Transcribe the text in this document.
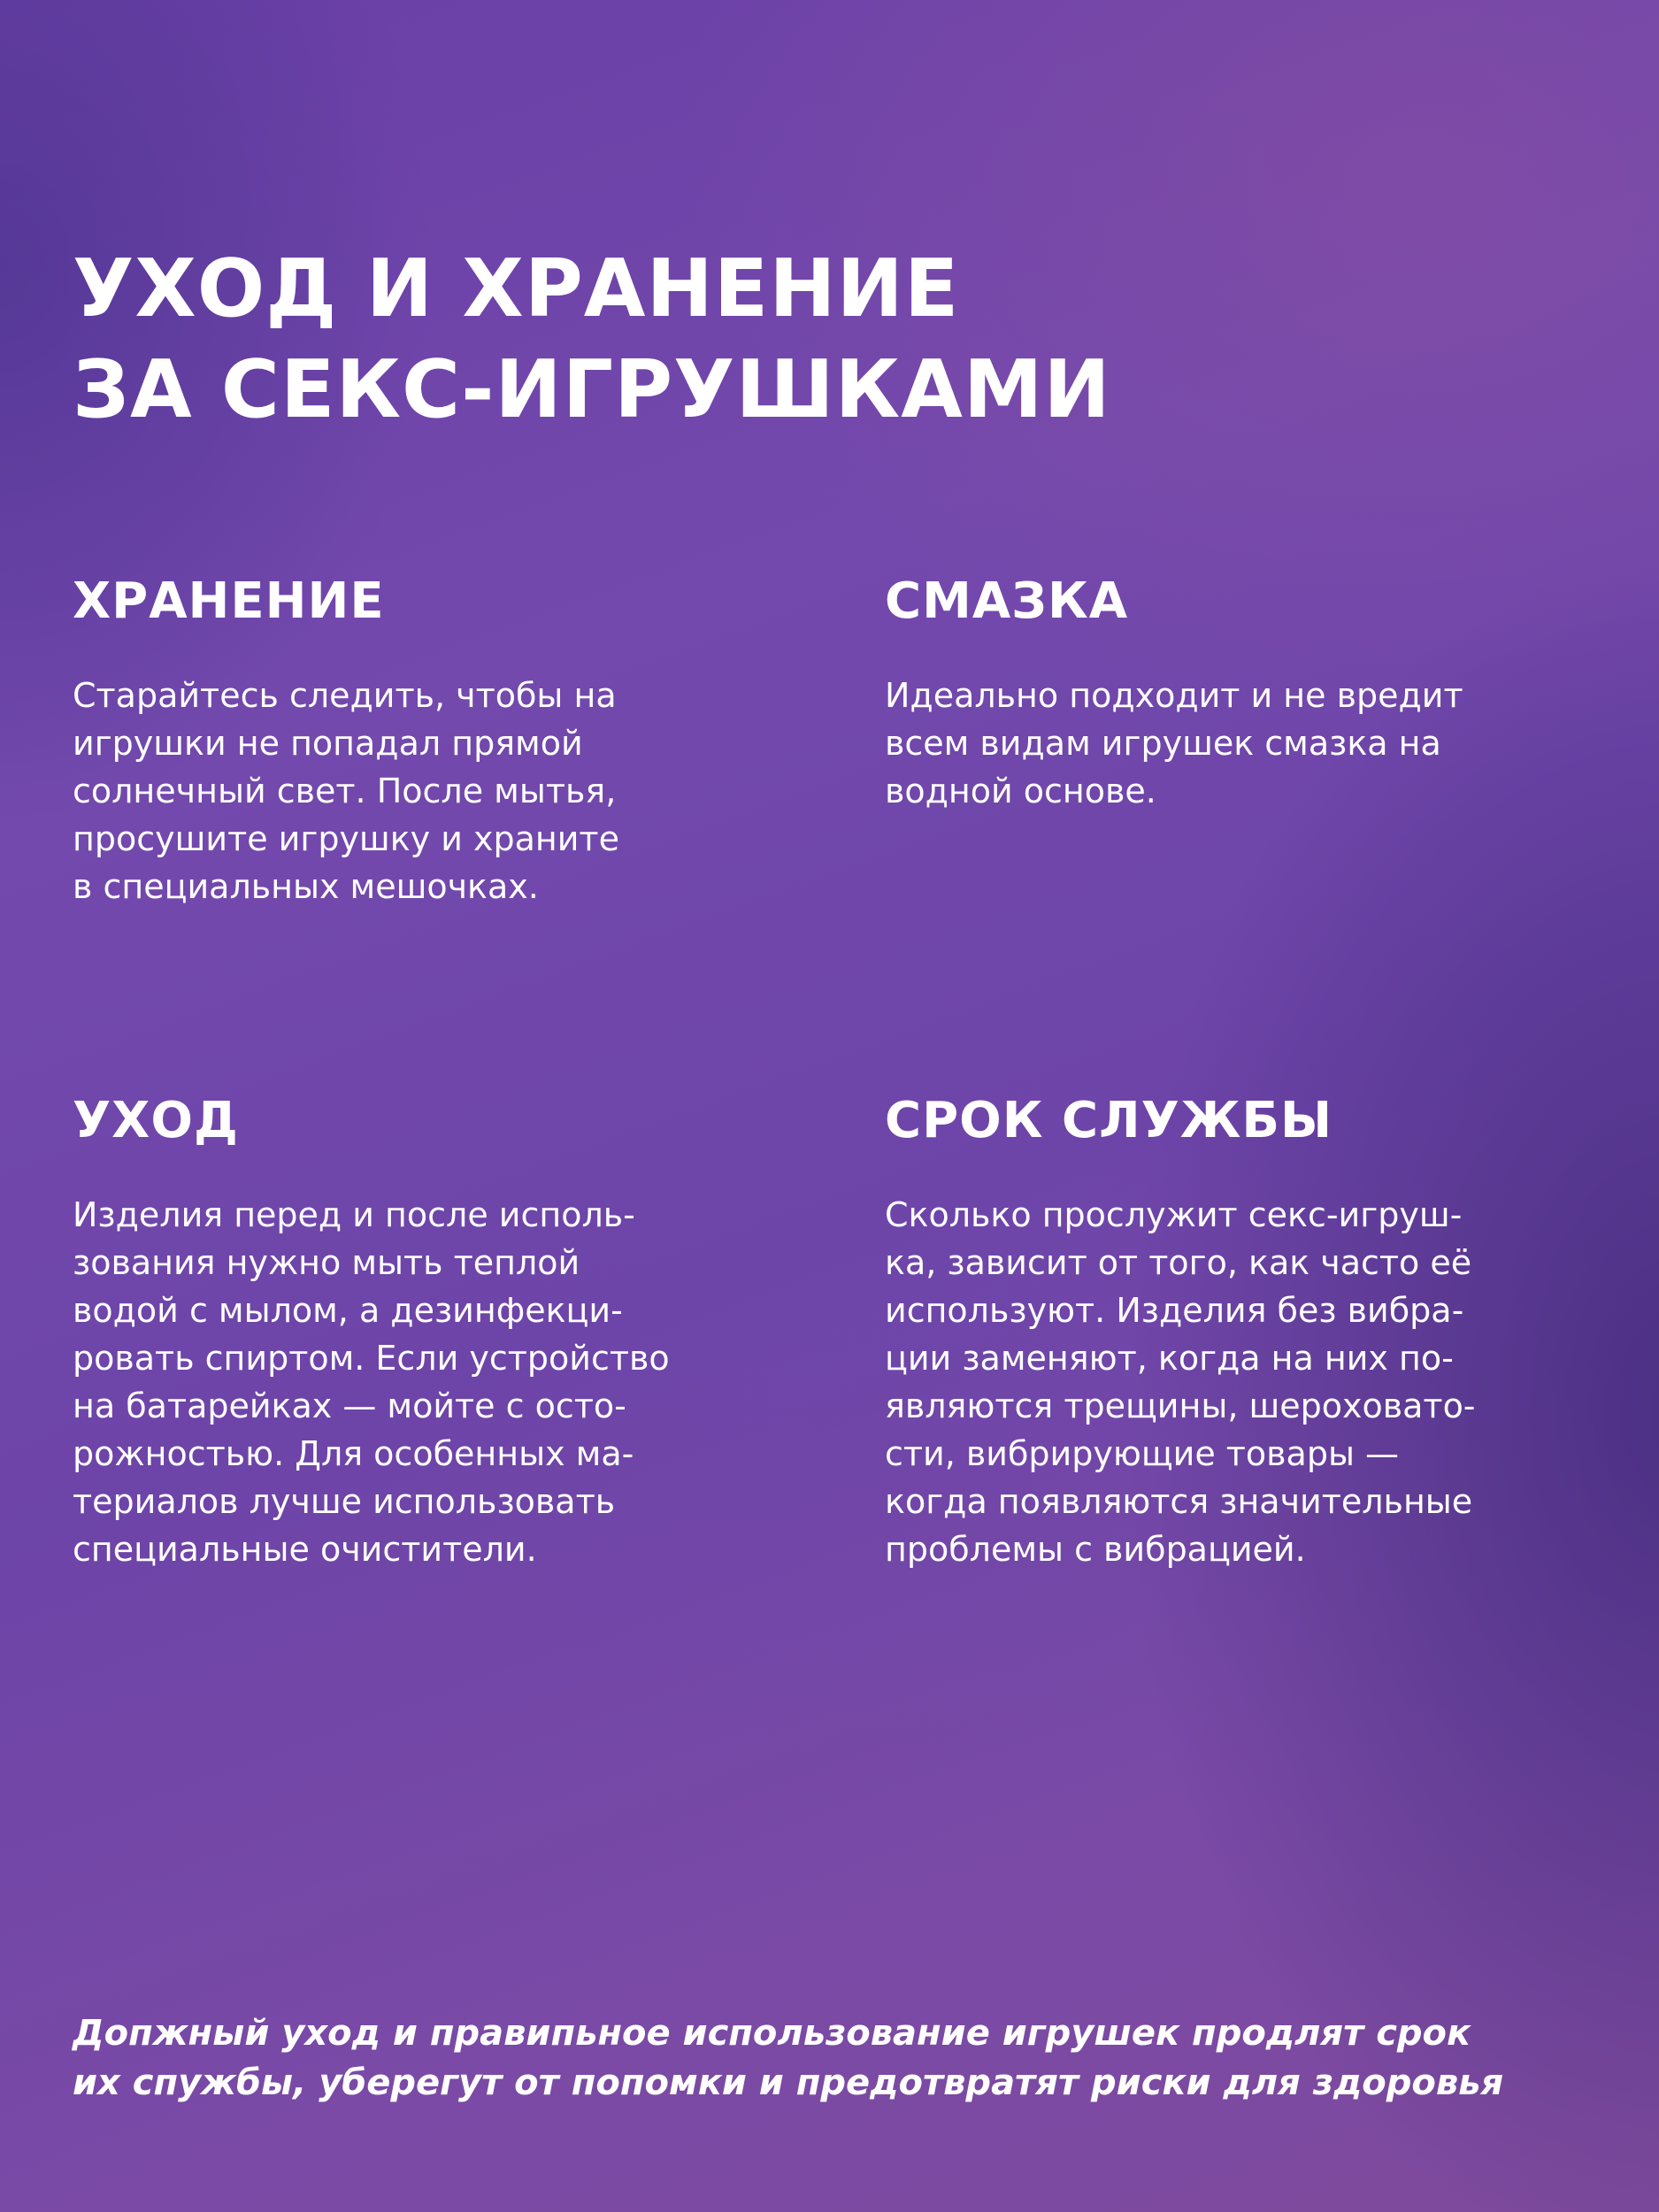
УХОД И ХРАНЕНИЕ
ЗА СЕКС-ИГРУШКАМИ
ХРАНЕНИЕ

Старайтесь следить, чтобы на
игрушки не попадал прямой
солнечный свет. После мытья,
просушите игрушку и храните
в специальных мешочках.

СМАЗКА

Идеально подходит и не вредит
всем видам игрушек смазка на
водной основе.

УХОД

Изделия перед и после исполь-
зования нужно мыть теплой
водой с мылом, а дезинфекци-
ровать спиртом. Если устройство
на батарейках — мойте с осто-
рожностью. Для особенных ма-
териалов лучше использовать
специальные очистители.

СРОК СЛУЖБЫ

Сколько прослужит секс-игруш-
ка, зависит от того, как часто её
используют. Изделия без вибра-
ции заменяют, когда на них по-
являются трещины, шероховато-
сти, вибрирующие товары —
когда появляются значительные
проблемы с вибрацией.

Допжный уход и правипьное использование игрушек продлят срок
их спужбы, уберегут от попомки и предотвратят риски для здоровья
